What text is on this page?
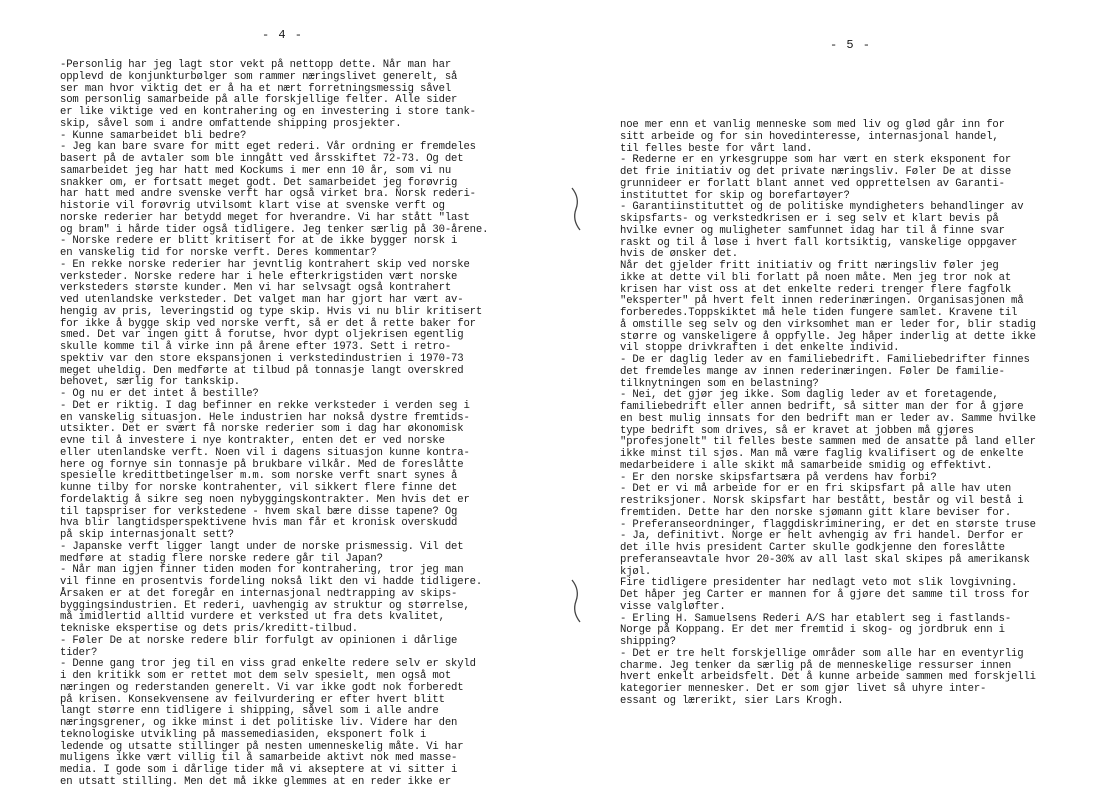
- 4 -
-Personlig har jeg lagt stor vekt på nettopp dette. Når man har
opplevd de konjunkturbølger som rammer næringslivet generelt, så
ser man hvor viktig det er å ha et nært forretningsmessig såvel
som personlig samarbeide på alle forskjellige felter. Alle sider
er like viktige ved en kontrahering og en investering i store tank-
skip, såvel som i andre omfattende shipping prosjekter.
- Kunne samarbeidet bli bedre?
- Jeg kan bare svare for mitt eget rederi. Vår ordning er fremdeles
basert på de avtaler som ble inngått ved årsskiftet 72-73. Og det
samarbeidet jeg har hatt med Kockums i mer enn 10 år, som vi nu
snakker om, er fortsatt meget godt. Det samarbeidet jeg forøvrig
har hatt med andre svenske verft har også virket bra. Norsk rederi-
historie vil forøvrig utvilsomt klart vise at svenske verft og
norske rederier har betydd meget for hverandre. Vi har stått "last
og bram" i hårde tider også tidligere. Jeg tenker særlig på 30-årene.
- Norske redere er blitt kritisert for at de ikke bygger norsk i
en vanskelig tid for norske verft. Deres kommentar?
- En rekke norske rederier har jevntlig kontrahert skip ved norske
verksteder. Norske redere har i hele efterkrigstiden vært norske
verksteders største kunder. Men vi har selvsagt også kontrahert
ved utenlandske verksteder. Det valget man har gjort har vært av-
hengig av pris, leveringstid og type skip. Hvis vi nu blir kritisert
for ikke å bygge skip ved norske verft, så er det å rette baker for
smed. Det var ingen gitt å forutse, hvor dypt oljekrisen egentlig
skulle komme til å virke inn på årene efter 1973. Sett i retro-
spektiv var den store ekspansjonen i verkstedindustrien i 1970-73
meget uheldig. Den medførte at tilbud på tonnasje langt overskred
behovet, særlig for tankskip.
- Og nu er det intet å bestille?
- Det er riktig. I dag befinner en rekke verksteder i verden seg i
en vanskelig situasjon. Hele industrien har nokså dystre fremtids-
utsikter. Det er svært få norske rederier som i dag har økonomisk
evne til å investere i nye kontrakter, enten det er ved norske
eller utenlandske verft. Noen vil i dagens situasjon kunne kontra-
here og fornye sin tonnasje på brukbare vilkår. Med de foreslåtte
spesielle kredittbetingelser m.m. som norske verft snart synes å
kunne tilby for norske kontrahenter, vil sikkert flere finne det
fordelaktig å sikre seg noen nybyggingskontrakter. Men hvis det er
til tapspriser for verkstedene - hvem skal bære disse tapene? Og
hva blir langtidsperspektivene hvis man får et kronisk overskudd
på skip internasjonalt sett?
- Japanske verft ligger langt under de norske prismessig. Vil det
medføre at stadig flere norske redere går til Japan?
- Når man igjen finner tiden moden for kontrahering, tror jeg man
vil finne en prosentvis fordeling nokså likt den vi hadde tidligere.
Årsaken er at det foregår en internasjonal nedtrapping av skips-
byggingsindustrien. Et rederi, uavhengig av struktur og størrelse,
må imidlertid alltid vurdere et verksted ut fra dets kvalitet,
tekniske ekspertise og dets pris/kreditt-tilbud.
- Føler De at norske redere blir forfulgt av opinionen i dårlige
tider?
- Denne gang tror jeg til en viss grad enkelte redere selv er skyld
i den kritikk som er rettet mot dem selv spesielt, men også mot
næringen og rederstanden generelt. Vi var ikke godt nok forberedt
på krisen. Konsekvensene av feilvurdering er efter hvert blitt
langt større enn tidligere i shipping, såvel som i alle andre
næringsgrener, og ikke minst i det politiske liv. Videre har den
teknologiske utvikling på massemediasiden, eksponert folk i
ledende og utsatte stillinger på nesten umenneskelig måte. Vi har
muligens ikke vært villig til å samarbeide aktivt nok med masse-
media. I gode som i dårlige tider må vi akseptere at vi sitter i
en utsatt stilling. Men det må ikke glemmes at en reder ikke er
- 5 -
noe mer enn et vanlig menneske som med liv og glød går inn for
sitt arbeide og for sin hovedinteresse, internasjonal handel,
til felles beste for vårt land.
- Rederne er en yrkesgruppe som har vært en sterk eksponent for
det frie initiativ og det private næringsliv. Føler De at disse
grunnideer er forlatt blant annet ved opprettelsen av Garanti-
instituttet for skip og borefartøyer?
- Garantiinstituttet og de politiske myndigheters behandlinger av
skipsfarts- og verkstedkrisen er i seg selv et klart bevis på
hvilke evner og muligheter samfunnet idag har til å finne svar
raskt og til å løse i hvert fall kortsiktig, vanskelige oppgaver
hvis de ønsker det.
Når det gjelder fritt initiativ og fritt næringsliv føler jeg
ikke at dette vil bli forlatt på noen måte. Men jeg tror nok at
krisen har vist oss at det enkelte rederi trenger flere fagfolk
"eksperter" på hvert felt innen rederinæringen. Organisasjonen må
forberedes.Toppskiktet må hele tiden fungere samlet. Kravene til
å omstille seg selv og den virksomhet man er leder for, blir stadig
større og vanskeligere å oppfylle. Jeg håper inderlig at dette ikke
vil stoppe drivkraften i det enkelte individ.
- De er daglig leder av en familiebedrift. Familiebedrifter finnes
det fremdeles mange av innen rederinæringen. Føler De familie-
tilknytningen som en belastning?
- Nei, det gjør jeg ikke. Som daglig leder av et foretagende,
familiebedrift eller annen bedrift, så sitter man der for å gjøre
en best mulig innsats for den bedrift man er leder av. Samme hvilke
type bedrift som drives, så er kravet at jobben må gjøres
"profesjonelt" til felles beste sammen med de ansatte på land eller
ikke minst til sjøs. Man må være faglig kvalifisert og de enkelte
medarbeidere i alle skikt må samarbeide smidig og effektivt.
- Er den norske skipsfartsæra på verdens hav forbi?
- Det er vi må arbeide for er en fri skipsfart på alle hav uten
restriksjoner. Norsk skipsfart har bestått, består og vil bestå i
fremtiden. Dette har den norske sjømann gitt klare beviser for.
- Preferanseordninger, flaggdiskriminering, er det en største truse
- Ja, definitivt. Norge er helt avhengig av fri handel. Derfor er
det ille hvis president Carter skulle godkjenne den foreslåtte
preferanseavtale hvor 20-30% av all last skal skipes på amerikansk
kjøl.
Fire tidligere presidenter har nedlagt veto mot slik lovgivning.
Det håper jeg Carter er mannen for å gjøre det samme til tross for
visse valgløfter.
- Erling H. Samuelsens Rederi A/S har etablert seg i fastlands-
Norge på Koppang. Er det mer fremtid i skog- og jordbruk enn i
shipping?
- Det er tre helt forskjellige områder som alle har en eventyrlig
charme. Jeg tenker da særlig på de menneskelige ressurser innen
hvert enkelt arbeidsfelt. Det å kunne arbeide sammen med forskjelli
kategorier mennesker. Det er som gjør livet så uhyre inter-
essant og lærerikt, sier Lars Krogh.
